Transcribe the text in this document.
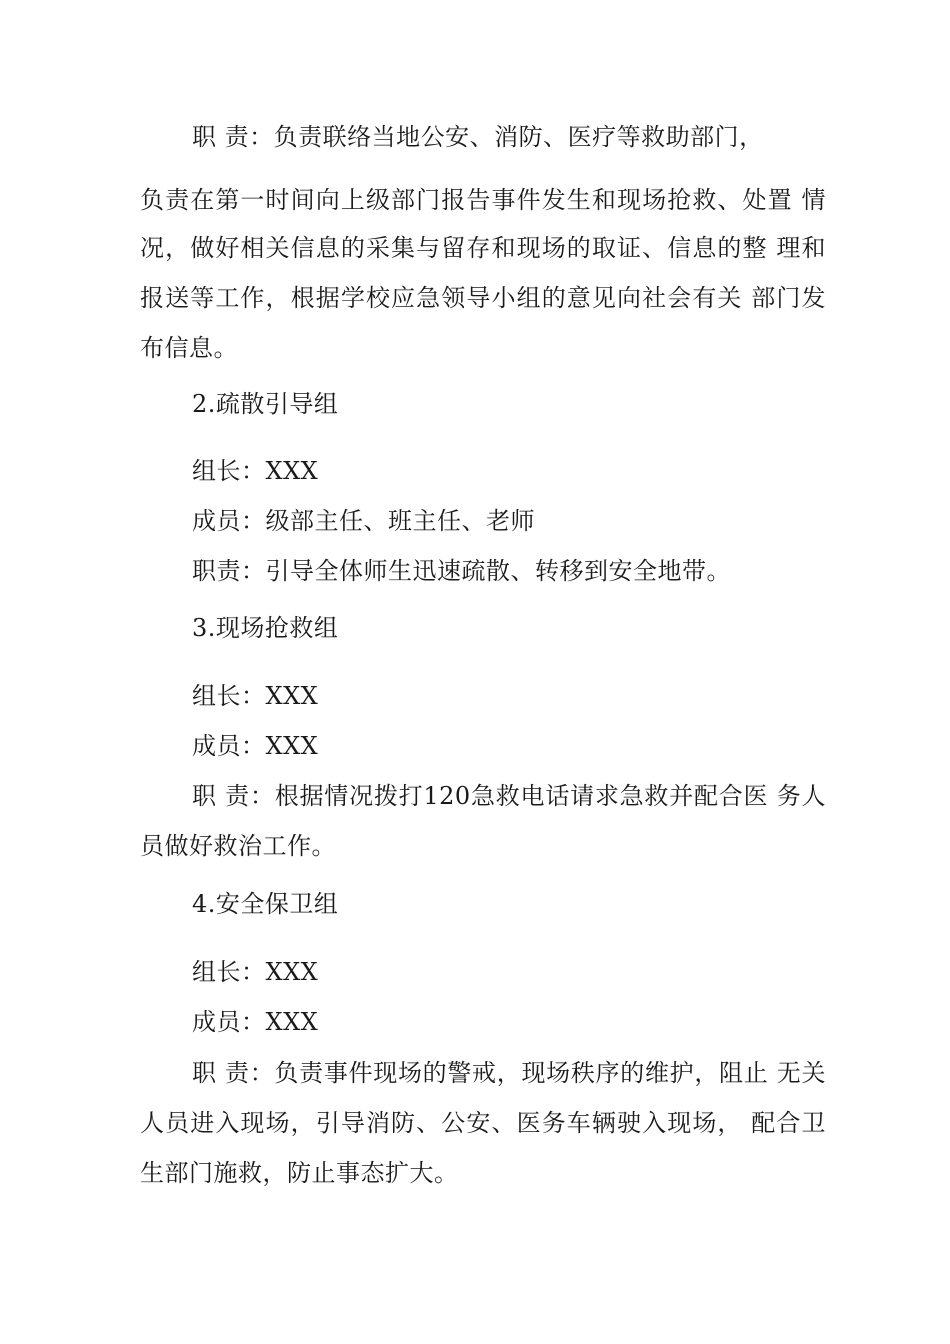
职 责：负责联络当地公安、消防、医疗等救助部门，
负责在第一时间向上级部门报告事件发生和现场抢救、处置 情
况，做好相关信息的采集与留存和现场的取证、信息的整 理和
报送等工作，根据学校应急领导小组的意见向社会有关 部门发
布信息。
2.疏散引导组
组长：XXX
成员：级部主任、班主任、老师
职责：引导全体师生迅速疏散、转移到安全地带。
3.现场抢救组
组长：XXX
成员：XXX
职 责：根据情况拨打120急救电话请求急救并配合医 务人
员做好救治工作。
4.安全保卫组
组长：XXX
成员：XXX
职 责：负责事件现场的警戒，现场秩序的维护，阻止 无关
人员进入现场，引导消防、公安、医务车辆驶入现场， 配合卫
生部门施救，防止事态扩大。
